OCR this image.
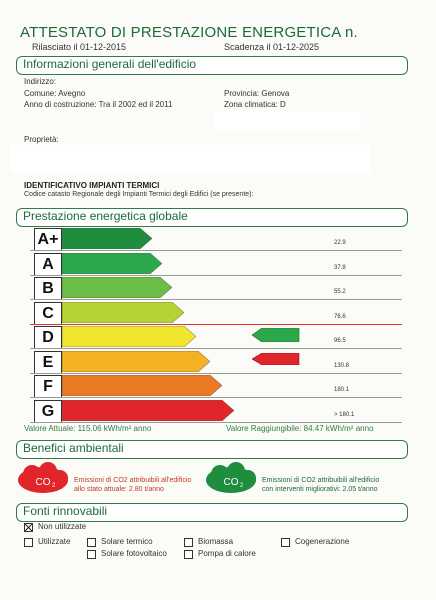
ATTESTATO DI PRESTAZIONE ENERGETICA n.
Rilasciato il 01-12-2015	Scadenza il 01-12-2025
Informazioni generali dell'edificio
Indirizzo:
Comune: Avegno	Provincia: Genova
Anno di costruzione: Tra il 2002 ed il 2011	Zona climatica: D
Proprietà:
IDENTIFICATIVO IMPIANTI TERMICI
Codice catasto Regionale degli Impianti Termici degli Edifici (se presente):
Prestazione energetica globale
A+	22.9
A	37.8
B	55.2
C	76.6
D	96.5
E	130.8
F	180.1
G	> 180.1
Valore Attuale: 115.06 kWh/m² anno	Valore Raggiungibile: 84.47 kWh/m² anno
Benefici ambientali
CO 2
Emissioni di CO2 attribuibili all'edificio
allo stato attuale: 2.80 t/anno
CO 2
Emissioni di CO2 attribuibili all'edificio
con interventi migliorativi: 2.05 t/anno
Fonti rinnovabili
Non utilizzate
Utilizzate	Solare termico	Biomassa	Cogenerazione
Solare fotovoltaico	Pompa di calore
